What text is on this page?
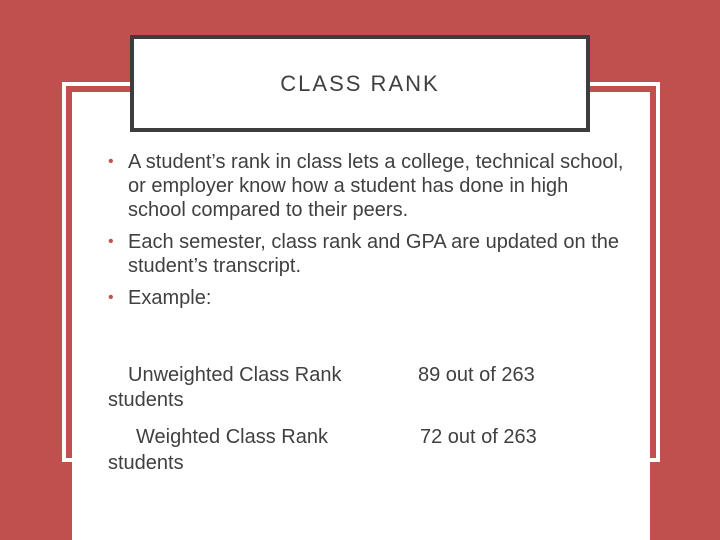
CLASS RANK
• A student’s rank in class lets a college, technical school, or employer know how a student has done in high school compared to their peers.
• Each semester, class rank and GPA are updated on the student’s transcript.
• Example:
Unweighted Class Rank	89 out of 263
students
Weighted Class Rank	72 out of 263
students
